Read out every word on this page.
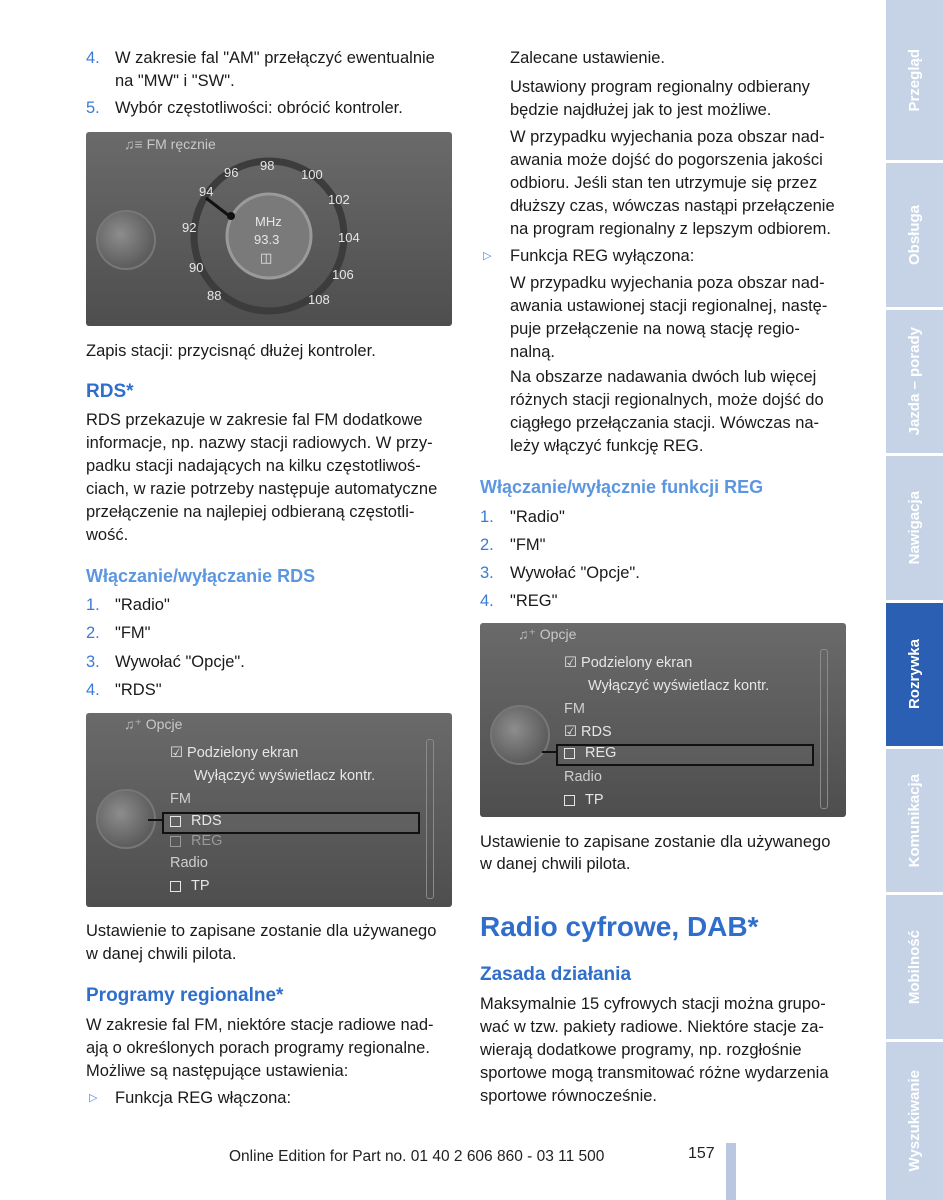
4. W zakresie fal "AM" przełączyć ewentualnie

na "MW" i "SW".

5. Wybór częstotliwości: obrócić kontroler.

♫≡ FM ręcznie
88
90
92
94
96 98
100
102
104
106
108
MHz
93.3
◫

Zapis stacji: przycisnąć dłużej kontroler.

RDS*

RDS przekazuje w zakresie fal FM dodatkowe

informacje, np. nazwy stacji radiowych. W przy-

padku stacji nadających na kilku częstotliwoś-

ciach, w razie potrzeby następuje automatyczne

przełączenie na najlepiej odbieraną częstotli-

wość.

Włączanie/wyłączanie RDS
1. "Radio"

2. "FM"

3. Wywołać "Opcje".

4. "RDS"

♫⁺ Opcje
☑ Podzielony ekran
Wyłączyć wyświetlacz kontr.
FM
RDS
REG
Radio
TP

Ustawienie to zapisane zostanie dla używanego

w danej chwili pilota.

Programy regionalne*

W zakresie fal FM, niektóre stacje radiowe nad-

ają o określonych porach programy regionalne.

Możliwe są następujące ustawienia:

▷ Funkcja REG włączona:

Zalecane ustawienie.

Ustawiony program regionalny odbierany

będzie najdłużej jak to jest możliwe.

W przypadku wyjechania poza obszar nad-

awania może dojść do pogorszenia jakości

odbioru. Jeśli stan ten utrzymuje się przez

dłuższy czas, wówczas nastąpi przełączenie

na program regionalny z lepszym odbiorem.

▷ Funkcja REG wyłączona:

W przypadku wyjechania poza obszar nad-

awania ustawionej stacji regionalnej, nastę-

puje przełączenie na nową stację regio-

nalną.

Na obszarze nadawania dwóch lub więcej

różnych stacji regionalnych, może dojść do

ciągłego przełączania stacji. Wówczas na-

leży włączyć funkcję REG.

Włączanie/wyłącznie funkcji REG
1. "Radio"

2. "FM"

3. Wywołać "Opcje".

4. "REG"

♫⁺ Opcje
☑ Podzielony ekran
Wyłączyć wyświetlacz kontr.
FM
☑ RDS
REG
Radio
TP

Ustawienie to zapisane zostanie dla używanego

w danej chwili pilota.

Radio cyfrowe, DAB*
Zasada działania

Maksymalnie 15 cyfrowych stacji można grupo-

wać w tzw. pakiety radiowe. Niektóre stacje za-

wierają dodatkowe programy, np. rozgłośnie

sportowe mogą transmitować różne wydarzenia

sportowe równocześnie.

Przegląd
Obsługa
Jazda – porady
Nawigacja
Rozrywka
Komunikacja
Mobilność
Wyszukiwanie
157
Online Edition for Part no. 01 40 2 606 860 - 03 11 500
